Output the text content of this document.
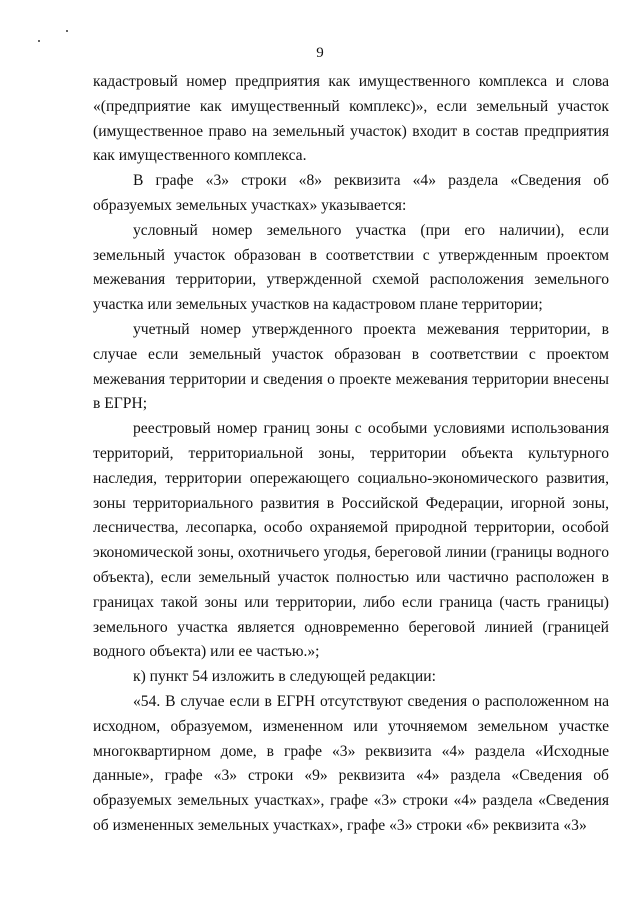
9

кадастровый номер предприятия как имущественного комплекса и слова «(предприятие как имущественный комплекс)», если земельный участок (имущественное право на земельный участок) входит в состав предприятия как имущественного комплекса.

В графе «3» строки «8» реквизита «4» раздела «Сведения об образуемых земельных участках» указывается:

условный номер земельного участка (при его наличии), если земельный участок образован в соответствии с утвержденным проектом межевания территории, утвержденной схемой расположения земельного участка или земельных участков на кадастровом плане территории;

учетный номер утвержденного проекта межевания территории, в случае если земельный участок образован в соответствии с проектом межевания территории и сведения о проекте межевания территории внесены в ЕГРН;

реестровый номер границ зоны с особыми условиями использования территорий, территориальной зоны, территории объекта культурного наследия, территории опережающего социально-экономического развития, зоны территориального развития в Российской Федерации, игорной зоны, лесничества, лесопарка, особо охраняемой природной территории, особой экономической зоны, охотничьего угодья, береговой линии (границы водного объекта), если земельный участок полностью или частично расположен в границах такой зоны или территории, либо если граница (часть границы) земельного участка является одновременно береговой линией (границей водного объекта) или ее частью.»;

к) пункт 54 изложить в следующей редакции:

«54. В случае если в ЕГРН отсутствуют сведения о расположенном на исходном, образуемом, измененном или уточняемом земельном участке многоквартирном доме, в графе «3» реквизита «4» раздела «Исходные данные», графе «3» строки «9» реквизита «4» раздела «Сведения об образуемых земельных участках», графе «3» строки «4» раздела «Сведения об измененных земельных участках», графе «3» строки «6» реквизита «3»
